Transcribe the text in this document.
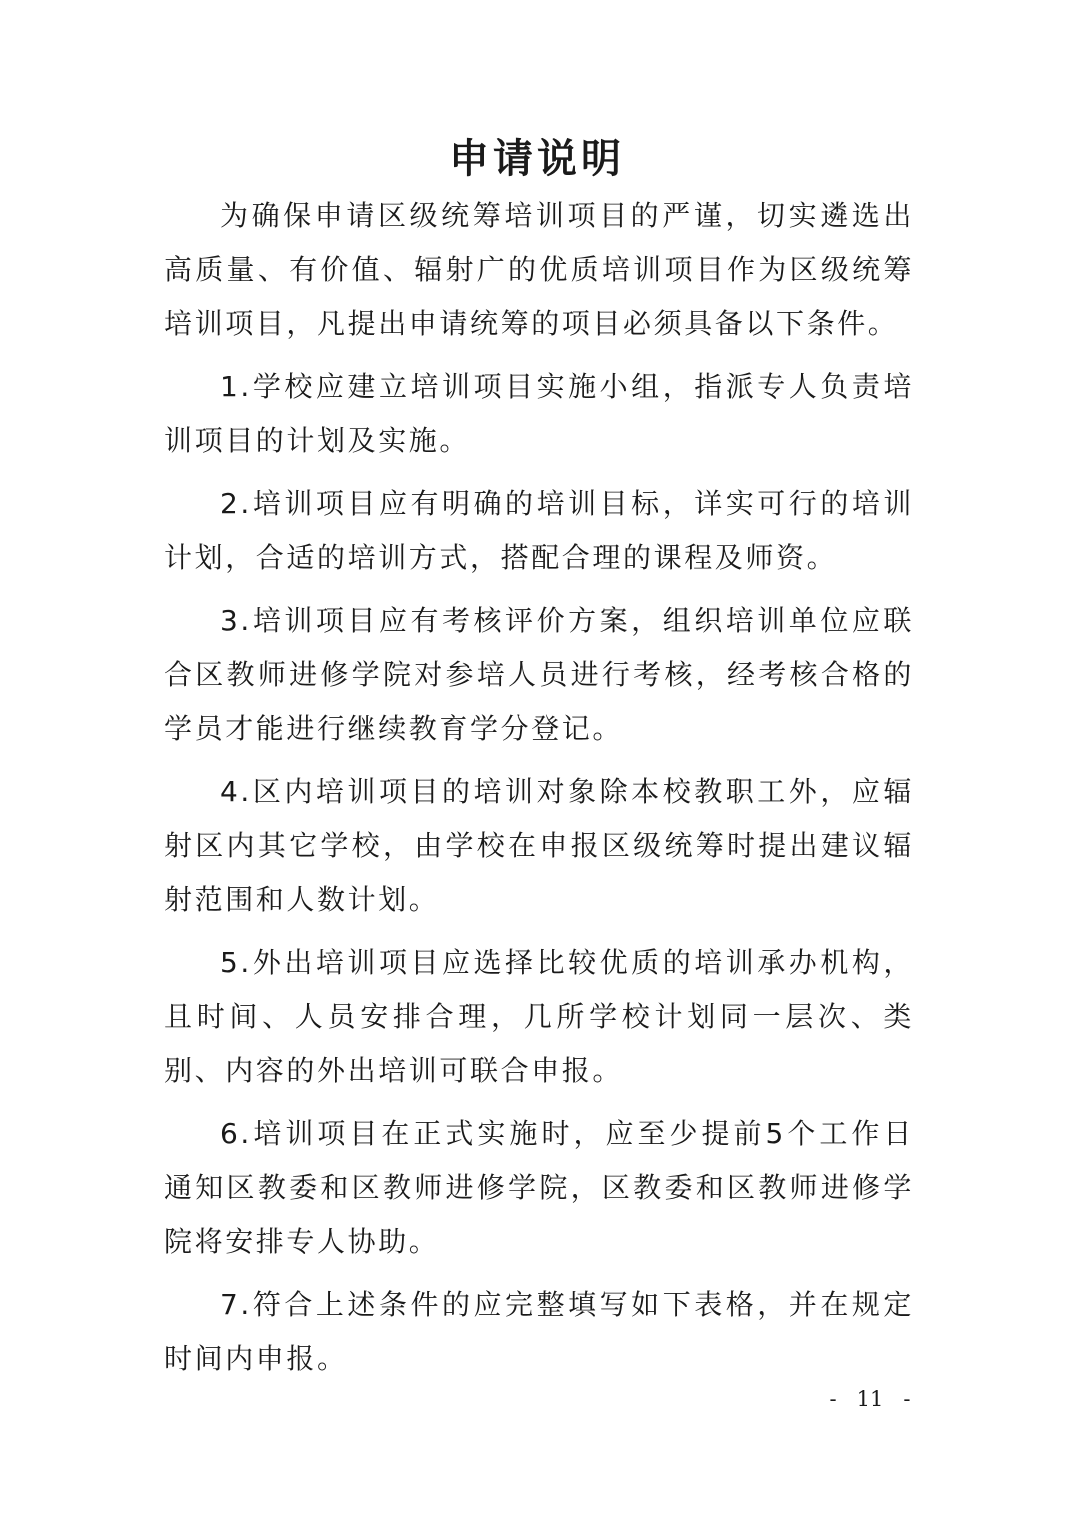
申请说明

为确保申请区级统筹培训项目的严谨，切实遴选出高质量、有价值、辐射广的优质培训项目作为区级统筹培训项目，凡提出申请统筹的项目必须具备以下条件。

1.学校应建立培训项目实施小组，指派专人负责培训项目的计划及实施。

2.培训项目应有明确的培训目标，详实可行的培训计划，合适的培训方式，搭配合理的课程及师资。

3.培训项目应有考核评价方案，组织培训单位应联合区教师进修学院对参培人员进行考核，经考核合格的学员才能进行继续教育学分登记。

4.区内培训项目的培训对象除本校教职工外，应辐射区内其它学校，由学校在申报区级统筹时提出建议辐射范围和人数计划。

5.外出培训项目应选择比较优质的培训承办机构，且时间、人员安排合理，几所学校计划同一层次、类别、内容的外出培训可联合申报。

6.培训项目在正式实施时，应至少提前5个工作日通知区教委和区教师进修学院，区教委和区教师进修学院将安排专人协助。

7.符合上述条件的应完整填写如下表格，并在规定时间内申报。

-   11   -
